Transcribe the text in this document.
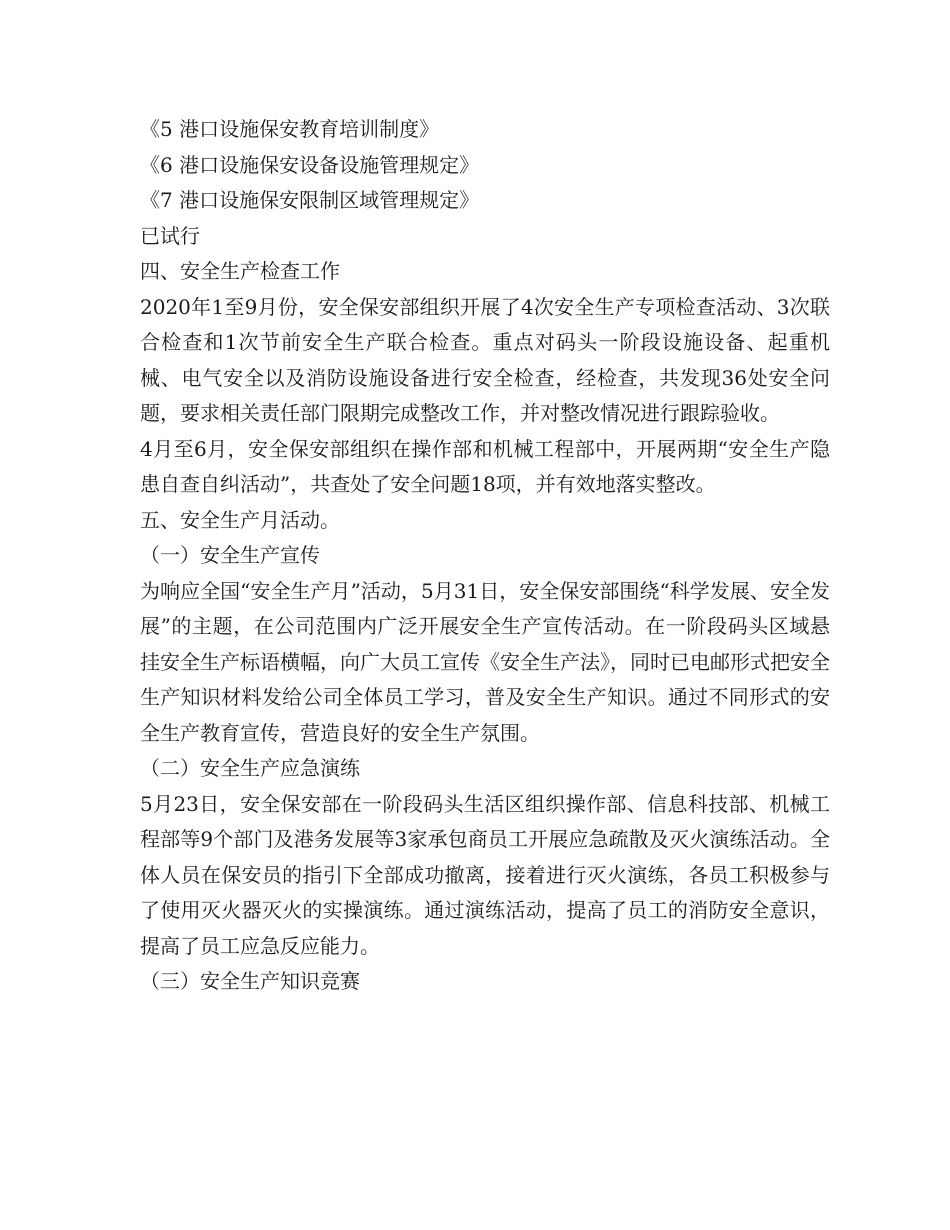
《5 港口设施保安教育培训制度》

《6 港口设施保安设备设施管理规定》

《7 港口设施保安限制区域管理规定》

已试行

四、安全生产检查工作

2020年1至9月份，安全保安部组织开展了4次安全生产专项检查活动、3次联合检查和1次节前安全生产联合检查。重点对码头一阶段设施设备、起重机械、电气安全以及消防设施设备进行安全检查，经检查，共发现36处安全问题，要求相关责任部门限期完成整改工作，并对整改情况进行跟踪验收。

4月至6月，安全保安部组织在操作部和机械工程部中，开展两期“安全生产隐患自查自纠活动”，共查处了安全问题18项，并有效地落实整改。

五、安全生产月活动。

（一）安全生产宣传

为响应全国“安全生产月”活动，5月31日，安全保安部围绕“科学发展、安全发展”的主题，在公司范围内广泛开展安全生产宣传活动。在一阶段码头区域悬挂安全生产标语横幅，向广大员工宣传《安全生产法》，同时已电邮形式把安全生产知识材料发给公司全体员工学习，普及安全生产知识。通过不同形式的安全生产教育宣传，营造良好的安全生产氛围。

（二）安全生产应急演练

5月23日，安全保安部在一阶段码头生活区组织操作部、信息科技部、机械工程部等9个部门及港务发展等3家承包商员工开展应急疏散及灭火演练活动。全体人员在保安员的指引下全部成功撤离，接着进行灭火演练，各员工积极参与了使用灭火器灭火的实操演练。通过演练活动，提高了员工的消防安全意识，提高了员工应急反应能力。

（三）安全生产知识竞赛
